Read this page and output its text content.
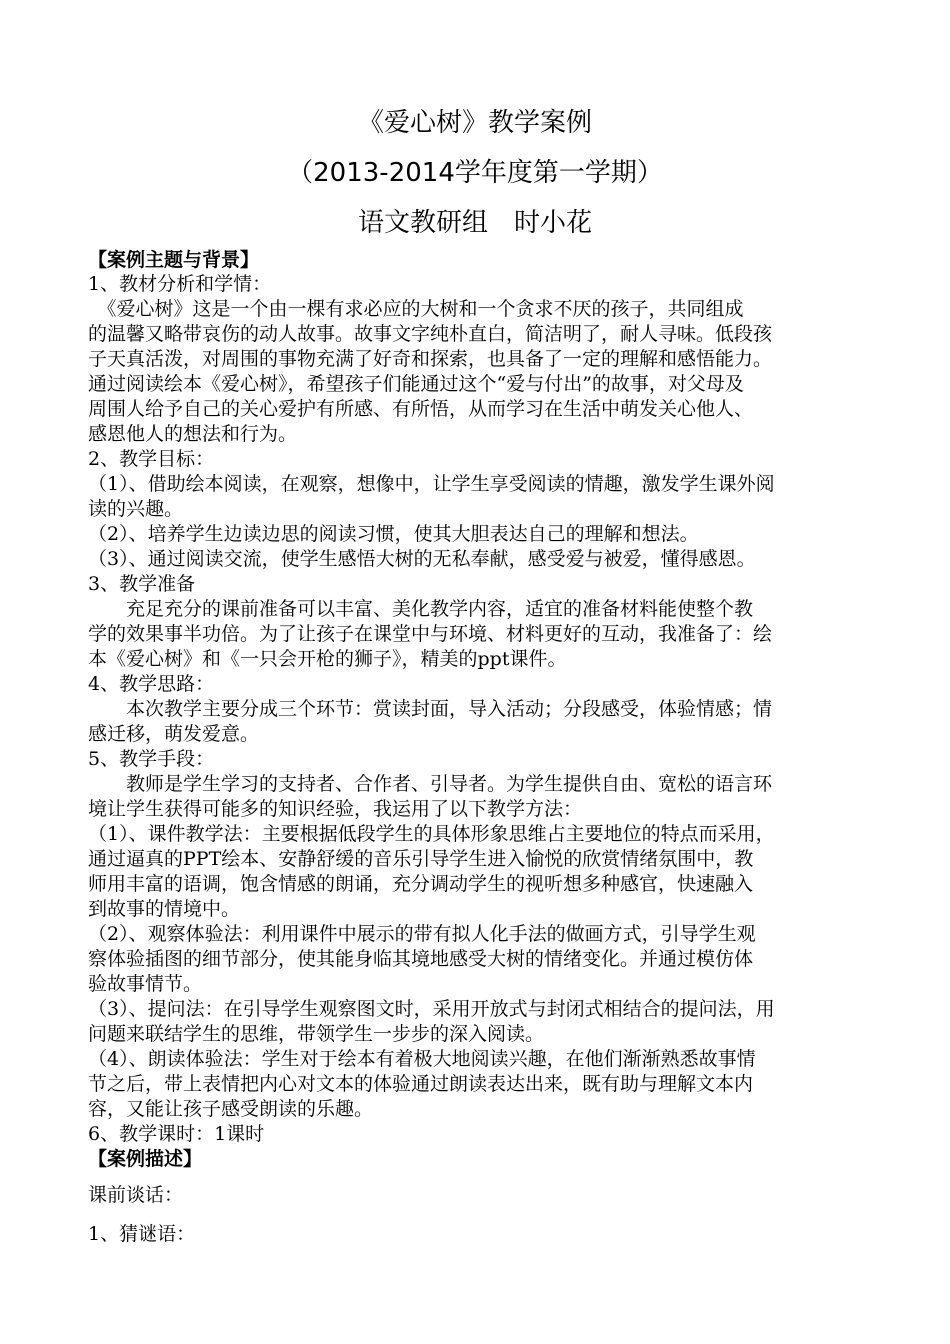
《爱心树》教学案例
（2013-2014学年度第一学期）
语文教研组　时小花
【案例主题与背景】
1、教材分析和学情：
　《爱心树》这是一个由一棵有求必应的大树和一个贪求不厌的孩子，共同组成
的温馨又略带哀伤的动人故事。故事文字纯朴直白，简洁明了，耐人寻味。低段孩
子天真活泼，对周围的事物充满了好奇和探索，也具备了一定的理解和感悟能力。
通过阅读绘本《爱心树》，希望孩子们能通过这个“爱与付出”的故事，对父母及
周围人给予自己的关心爱护有所感、有所悟，从而学习在生活中萌发关心他人、
感恩他人的想法和行为。
2、教学目标：
（1）、借助绘本阅读，在观察，想像中，让学生享受阅读的情趣，激发学生课外阅
读的兴趣。
（2）、培养学生边读边思的阅读习惯，使其大胆表达自己的理解和想法。
（3）、通过阅读交流，使学生感悟大树的无私奉献，感受爱与被爱，懂得感恩。
3、教学准备
　　充足充分的课前准备可以丰富、美化教学内容，适宜的准备材料能使整个教
学的效果事半功倍。为了让孩子在课堂中与环境、材料更好的互动，我准备了：绘
本《爱心树》和《一只会开枪的狮子》，精美的ppt课件。
4、教学思路：
　　本次教学主要分成三个环节：赏读封面，导入活动；分段感受，体验情感；情
感迁移，萌发爱意。
5、教学手段：
　　教师是学生学习的支持者、合作者、引导者。为学生提供自由、宽松的语言环
境让学生获得可能多的知识经验，我运用了以下教学方法：
（1）、课件教学法：主要根据低段学生的具体形象思维占主要地位的特点而采用，
通过逼真的PPT绘本、安静舒缓的音乐引导学生进入愉悦的欣赏情绪氛围中，教
师用丰富的语调，饱含情感的朗诵，充分调动学生的视听想多种感官，快速融入
到故事的情境中。
（2）、观察体验法：利用课件中展示的带有拟人化手法的做画方式，引导学生观
察体验插图的细节部分，使其能身临其境地感受大树的情绪变化。并通过模仿体
验故事情节。
（3）、提问法：在引导学生观察图文时，采用开放式与封闭式相结合的提问法，用
问题来联结学生的思维，带领学生一步步的深入阅读。
（4）、朗读体验法：学生对于绘本有着极大地阅读兴趣，在他们渐渐熟悉故事情
节之后，带上表情把内心对文本的体验通过朗读表达出来，既有助与理解文本内
容，又能让孩子感受朗读的乐趣。
6、教学课时：1课时
【案例描述】
课前谈话：
1、猜谜语：
